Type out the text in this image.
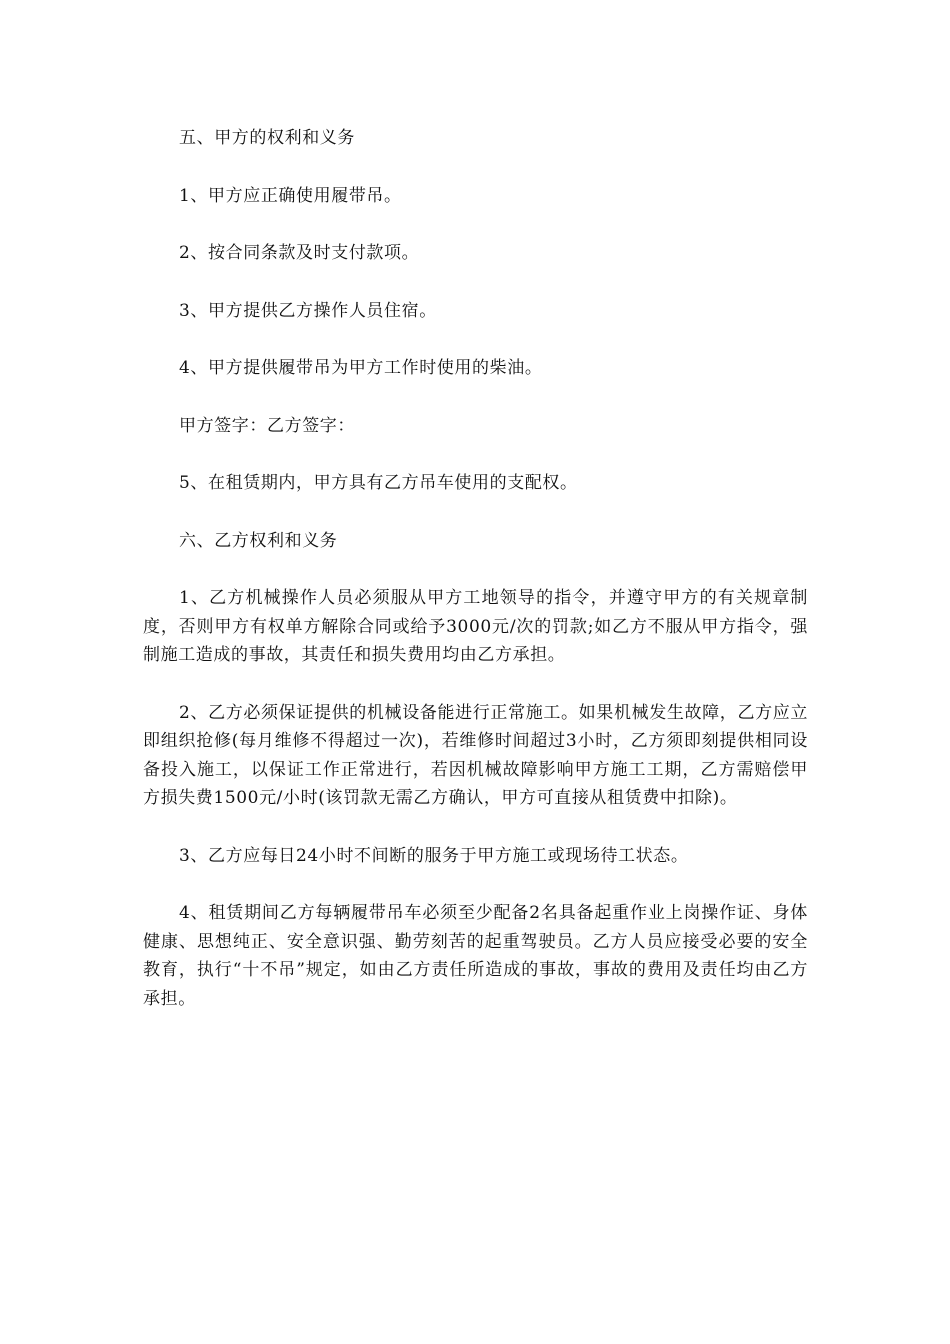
五、甲方的权利和义务

1、甲方应正确使用履带吊。

2、按合同条款及时支付款项。

3、甲方提供乙方操作人员住宿。

4、甲方提供履带吊为甲方工作时使用的柴油。

甲方签字：乙方签字：

5、在租赁期内，甲方具有乙方吊车使用的支配权。

六、乙方权利和义务

1、乙方机械操作人员必须服从甲方工地领导的指令，并遵守甲方的有关规章制度，否则甲方有权单方解除合同或给予3000元/次的罚款;如乙方不服从甲方指令，强制施工造成的事故，其责任和损失费用均由乙方承担。

2、乙方必须保证提供的机械设备能进行正常施工。如果机械发生故障，乙方应立即组织抢修(每月维修不得超过一次)，若维修时间超过3小时，乙方须即刻提供相同设备投入施工，以保证工作正常进行，若因机械故障影响甲方施工工期，乙方需赔偿甲方损失费1500元/小时(该罚款无需乙方确认，甲方可直接从租赁费中扣除)。

3、乙方应每日24小时不间断的服务于甲方施工或现场待工状态。

4、租赁期间乙方每辆履带吊车必须至少配备2名具备起重作业上岗操作证、身体健康、思想纯正、安全意识强、勤劳刻苦的起重驾驶员。乙方人员应接受必要的安全教育，执行“十不吊”规定，如由乙方责任所造成的事故，事故的费用及责任均由乙方承担。
